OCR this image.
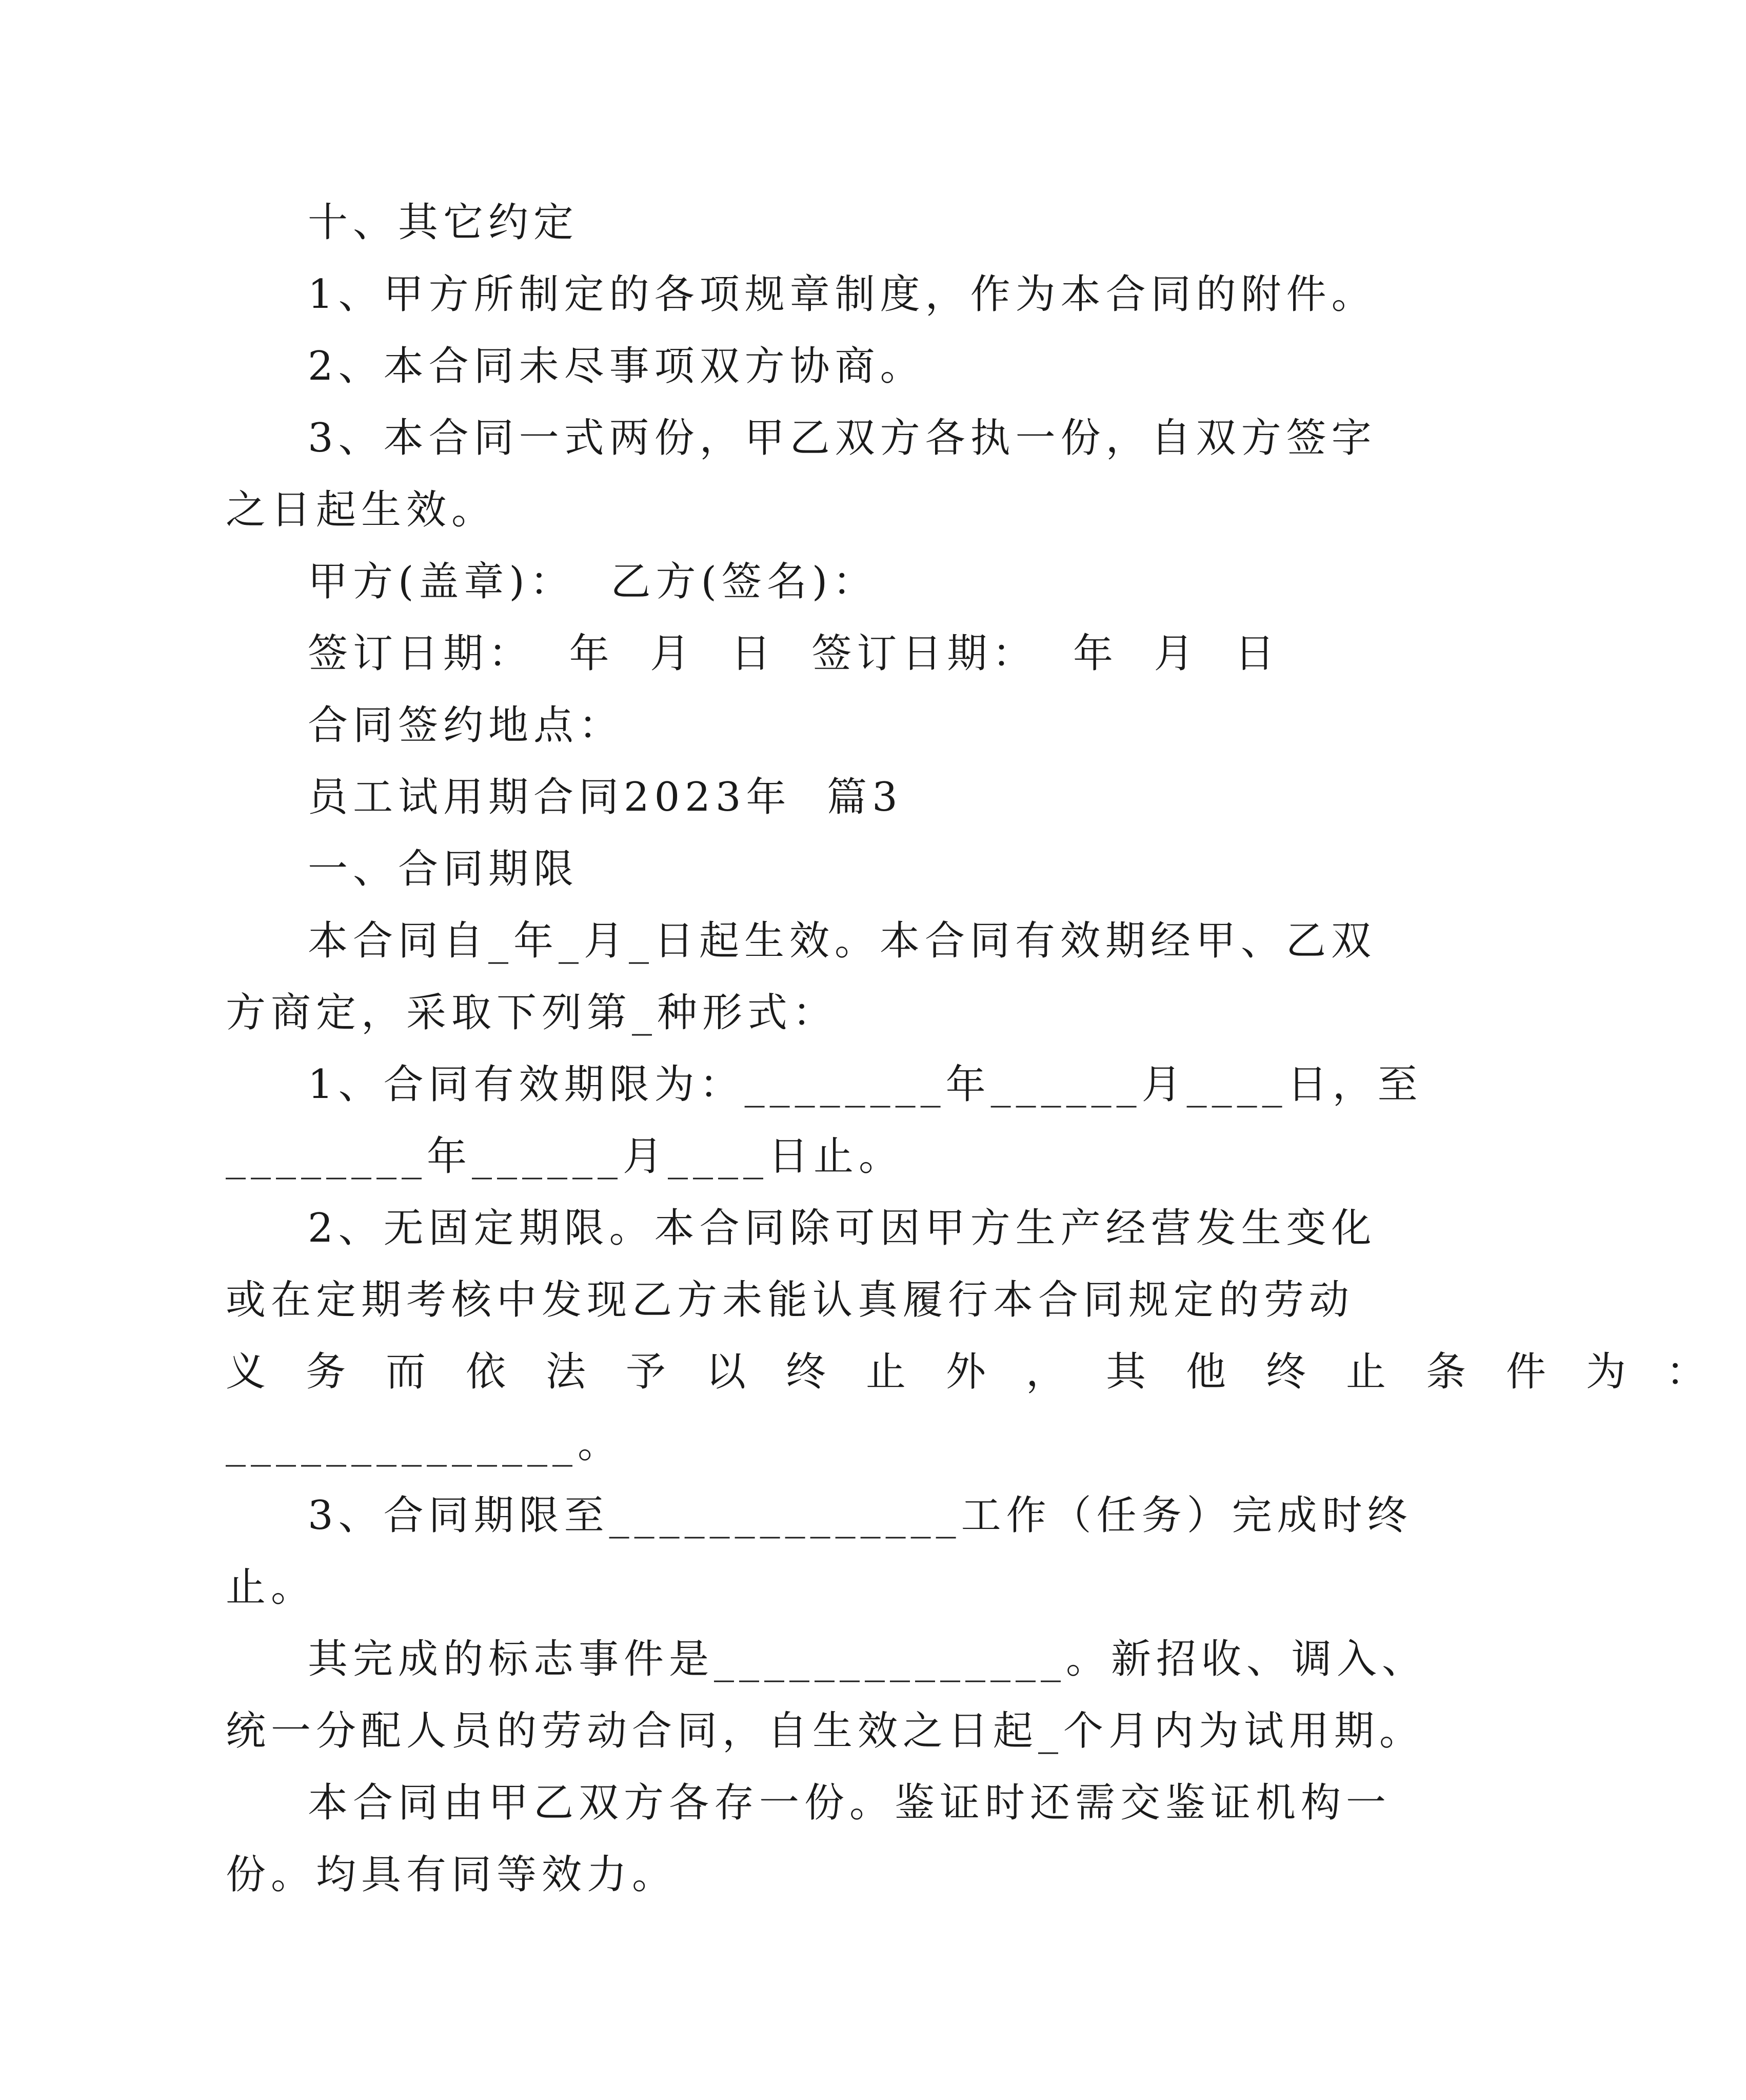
十、其它约定
1、甲方所制定的各项规章制度，作为本合同的附件。
2、本合同未尽事项双方协商。
3、本合同一式两份，甲乙双方各执一份，自双方签字
之日起生效。
甲方(盖章)：  乙方(签名)：
签订日期：  年  月  日  签订日期：  年  月  日
合同签约地点：
员工试用期合同2023年  篇3
一、合同期限
本合同自_年_月_日起生效。本合同有效期经甲、乙双
方商定，采取下列第_种形式：
1、合同有效期限为：________年______月____日，至
________年______月____日止。
2、无固定期限。本合同除可因甲方生产经营发生变化
或在定期考核中发现乙方未能认真履行本合同规定的劳动
义务而依法予以终止外，其他终止条件为：
______________。
3、合同期限至______________工作（任务）完成时终
止。
其完成的标志事件是______________。新招收、调入、
统一分配人员的劳动合同，自生效之日起_个月内为试用期。
本合同由甲乙双方各存一份。鉴证时还需交鉴证机构一
份。均具有同等效力。
